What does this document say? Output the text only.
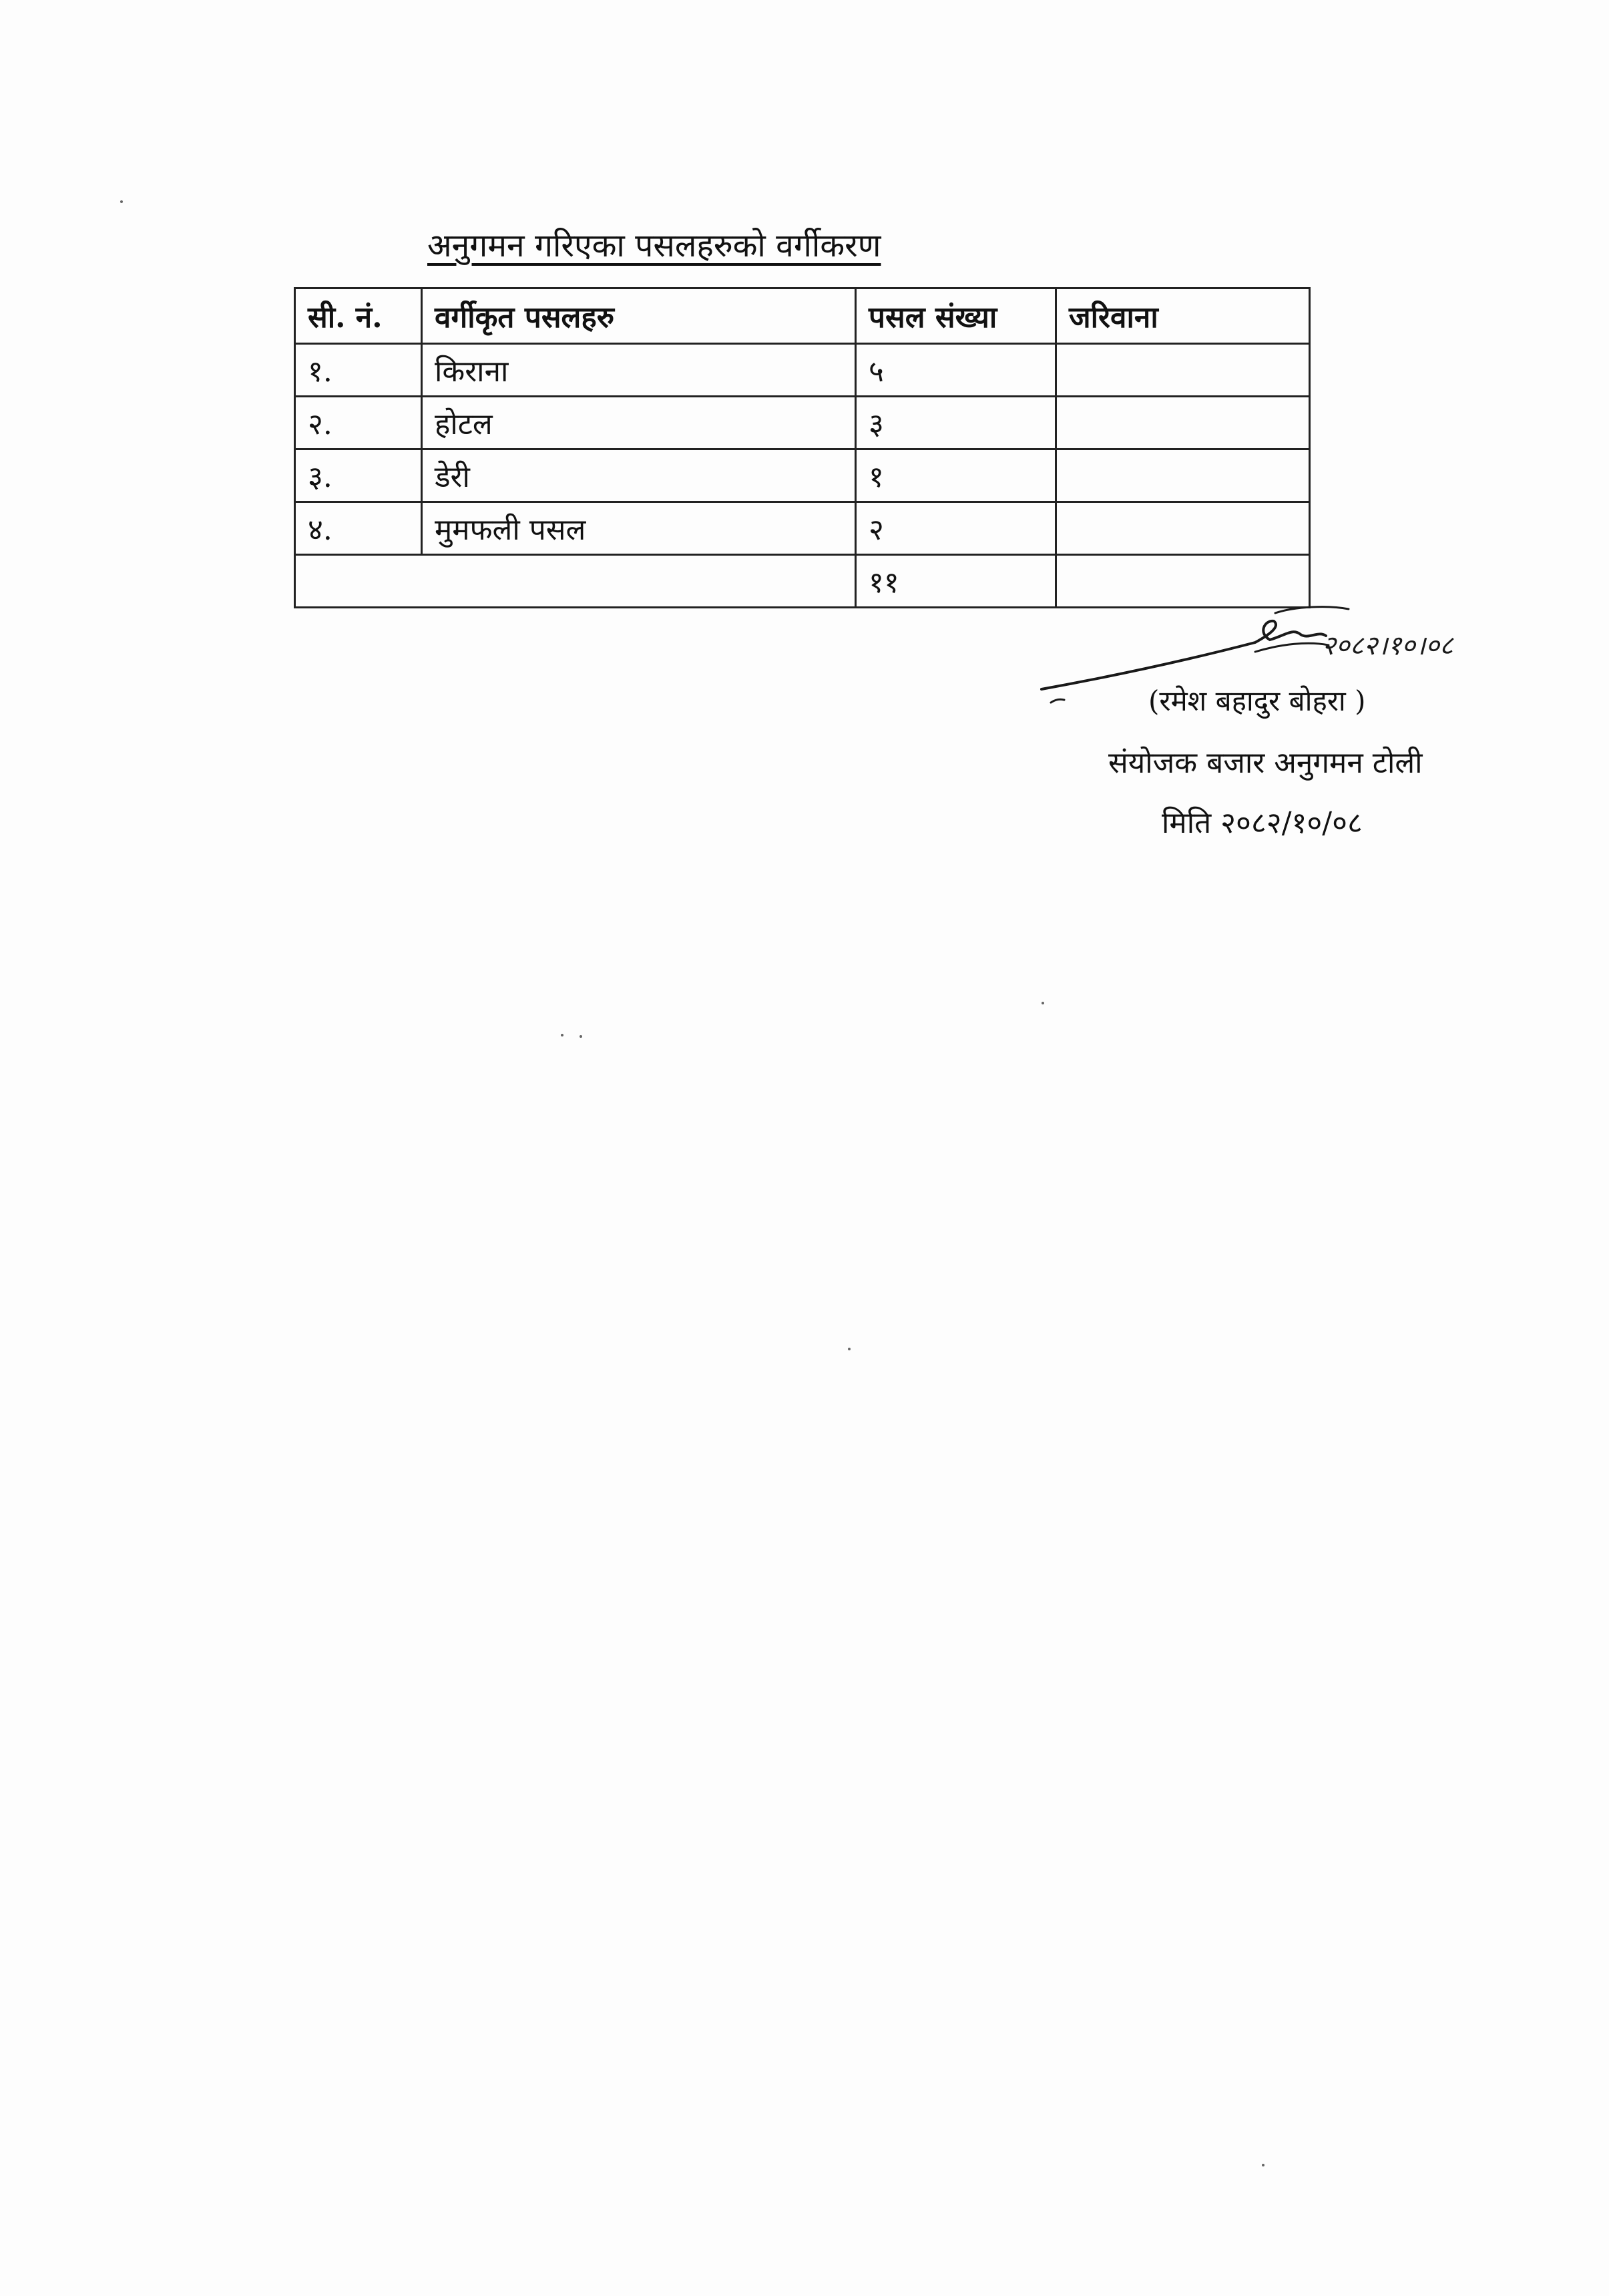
अनुगमन गरिएका पसलहरुको वर्गीकरण
सी. नं.	वर्गीकृत पसलहरु	पसल संख्या	जरिवाना
१.	किराना	५	
२.	होटल	३	
३.	डेरी	१	
४.	मुमफली पसल	२	
		११	
२०८२।१०।०८
(रमेश बहादुर बोहरा )
संयोजक बजार अनुगमन टोली
मिति २०८२/१०/०८
